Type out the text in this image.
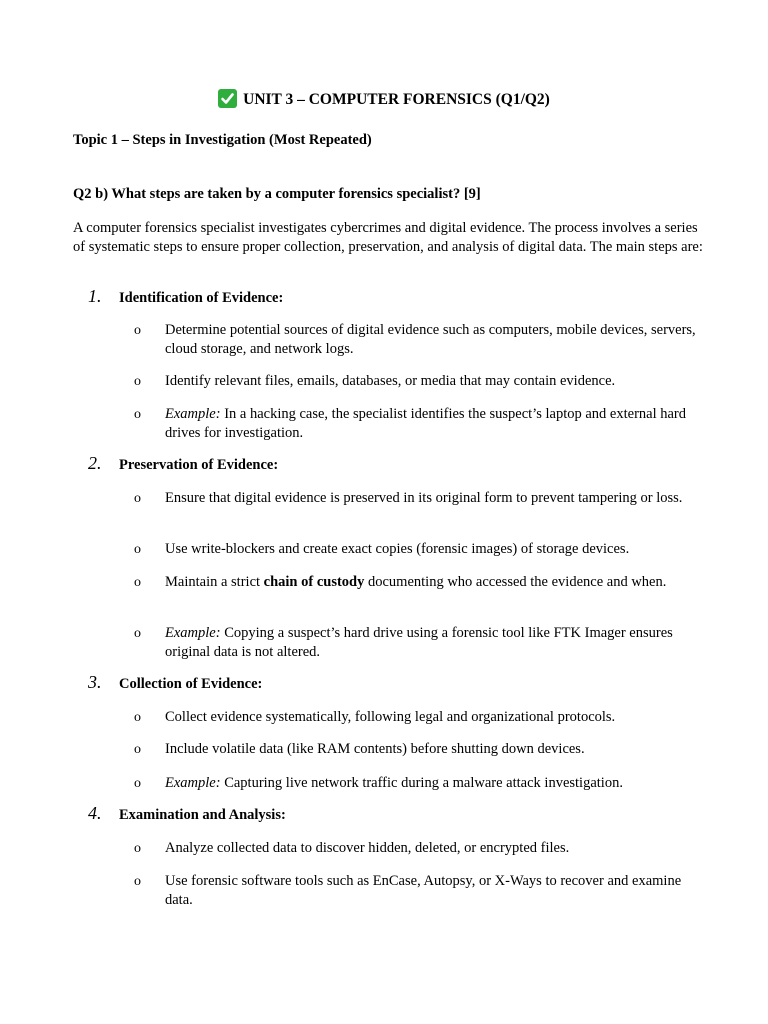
UNIT 3 – COMPUTER FORENSICS (Q1/Q2)
Topic 1 – Steps in Investigation (Most Repeated)
Q2 b) What steps are taken by a computer forensics specialist? [9]
A computer forensics specialist investigates cybercrimes and digital evidence. The process involves a series of systematic steps to ensure proper collection, preservation, and analysis of digital data. The main steps are:
1. Identification of Evidence:
o Determine potential sources of digital evidence such as computers, mobile devices, servers, cloud storage, and network logs.
o Identify relevant files, emails, databases, or media that may contain evidence.
o Example: In a hacking case, the specialist identifies the suspect’s laptop and external hard drives for investigation.
2. Preservation of Evidence:
o Ensure that digital evidence is preserved in its original form to prevent tampering or loss.
o Use write-blockers and create exact copies (forensic images) of storage devices.
o Maintain a strict chain of custody documenting who accessed the evidence and when.
o Example: Copying a suspect’s hard drive using a forensic tool like FTK Imager ensures original data is not altered.
3. Collection of Evidence:
o Collect evidence systematically, following legal and organizational protocols.
o Include volatile data (like RAM contents) before shutting down devices.
o Example: Capturing live network traffic during a malware attack investigation.
4. Examination and Analysis:
o Analyze collected data to discover hidden, deleted, or encrypted files.
o Use forensic software tools such as EnCase, Autopsy, or X-Ways to recover and examine data.
